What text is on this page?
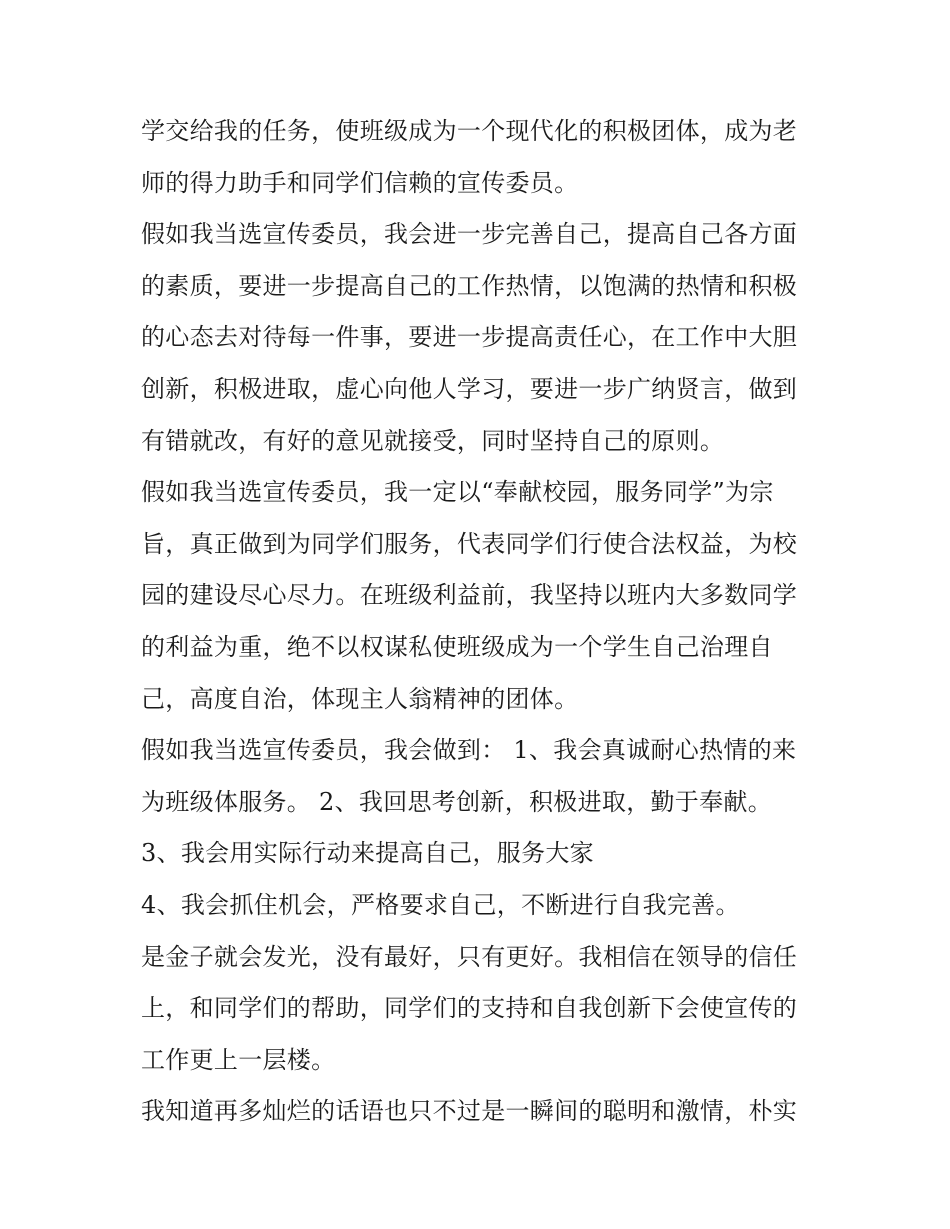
学交给我的任务，使班级成为一个现代化的积极团体，成为老
师的得力助手和同学们信赖的宣传委员。
假如我当选宣传委员，我会进一步完善自己，提高自己各方面
的素质，要进一步提高自己的工作热情，以饱满的热情和积极
的心态去对待每一件事，要进一步提高责任心，在工作中大胆
创新，积极进取，虚心向他人学习，要进一步广纳贤言，做到
有错就改，有好的意见就接受，同时坚持自己的原则。
假如我当选宣传委员，我一定以“奉献校园，服务同学”为宗
旨，真正做到为同学们服务，代表同学们行使合法权益，为校
园的建设尽心尽力。在班级利益前，我坚持以班内大多数同学
的利益为重，绝不以权谋私使班级成为一个学生自己治理自
己，高度自治，体现主人翁精神的团体。
假如我当选宣传委员，我会做到： 1、我会真诚耐心热情的来
为班级体服务。 2、我回思考创新，积极进取，勤于奉献。
3、我会用实际行动来提高自己，服务大家
4、我会抓住机会，严格要求自己，不断进行自我完善。
是金子就会发光，没有最好，只有更好。我相信在领导的信任
上，和同学们的帮助，同学们的支持和自我创新下会使宣传的
工作更上一层楼。
我知道再多灿烂的话语也只不过是一瞬间的聪明和激情，朴实
